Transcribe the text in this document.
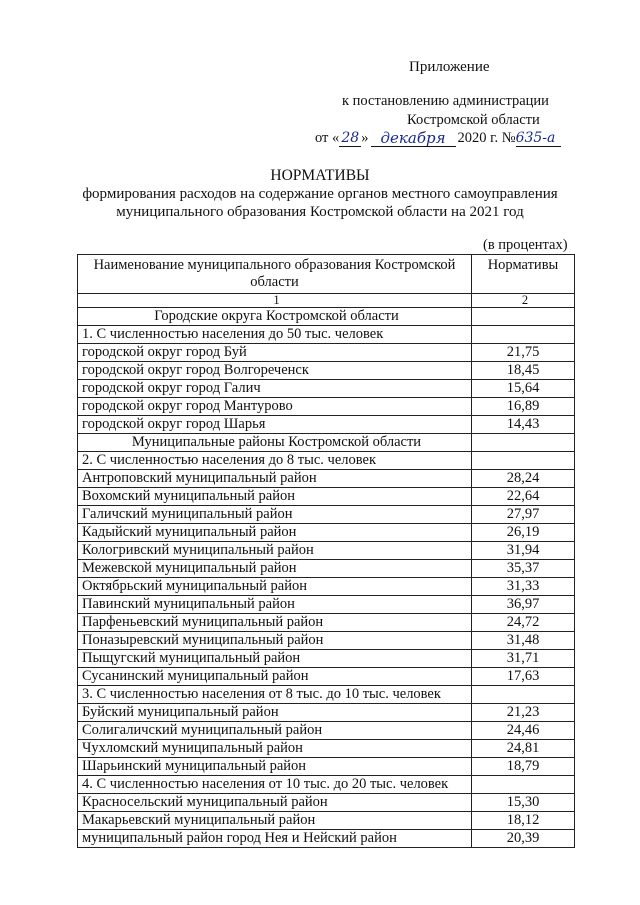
Приложение
к постановлению администрации
Костромской области
от « 28 » декабря 2020 г. № 635-а
НОРМАТИВЫ
формирования расходов на содержание органов местного самоуправления
муниципального образования Костромской области на 2021 год
(в процентах)
Наименование муниципального образования Костромской области	Нормативы
1	2
Городские округа Костромской области	
1. С численностью населения до 50 тыс. человек	
городской округ город Буй	21,75
городской округ город Волгореченск	18,45
городской округ город Галич	15,64
городской округ город Мантурово	16,89
городской округ город Шарья	14,43
Муниципальные районы Костромской области	
2. С численностью населения до 8 тыс. человек	
Антроповский муниципальный район	28,24
Вохомский муниципальный район	22,64
Галичский муниципальный район	27,97
Кадыйский муниципальный район	26,19
Кологривский муниципальный район	31,94
Межевской муниципальный район	35,37
Октябрьский муниципальный район	31,33
Павинский муниципальный район	36,97
Парфеньевский муниципальный район	24,72
Поназыревский муниципальный район	31,48
Пыщугский муниципальный район	31,71
Сусанинский муниципальный район	17,63
3. С численностью населения от 8 тыс. до 10 тыс. человек	
Буйский муниципальный район	21,23
Солигаличский муниципальный район	24,46
Чухломский муниципальный район	24,81
Шарьинский муниципальный район	18,79
4. С численностью населения от 10 тыс. до 20 тыс. человек	
Красносельский муниципальный район	15,30
Макарьевский муниципальный район	18,12
муниципальный район город Нея и Нейский район	20,39
